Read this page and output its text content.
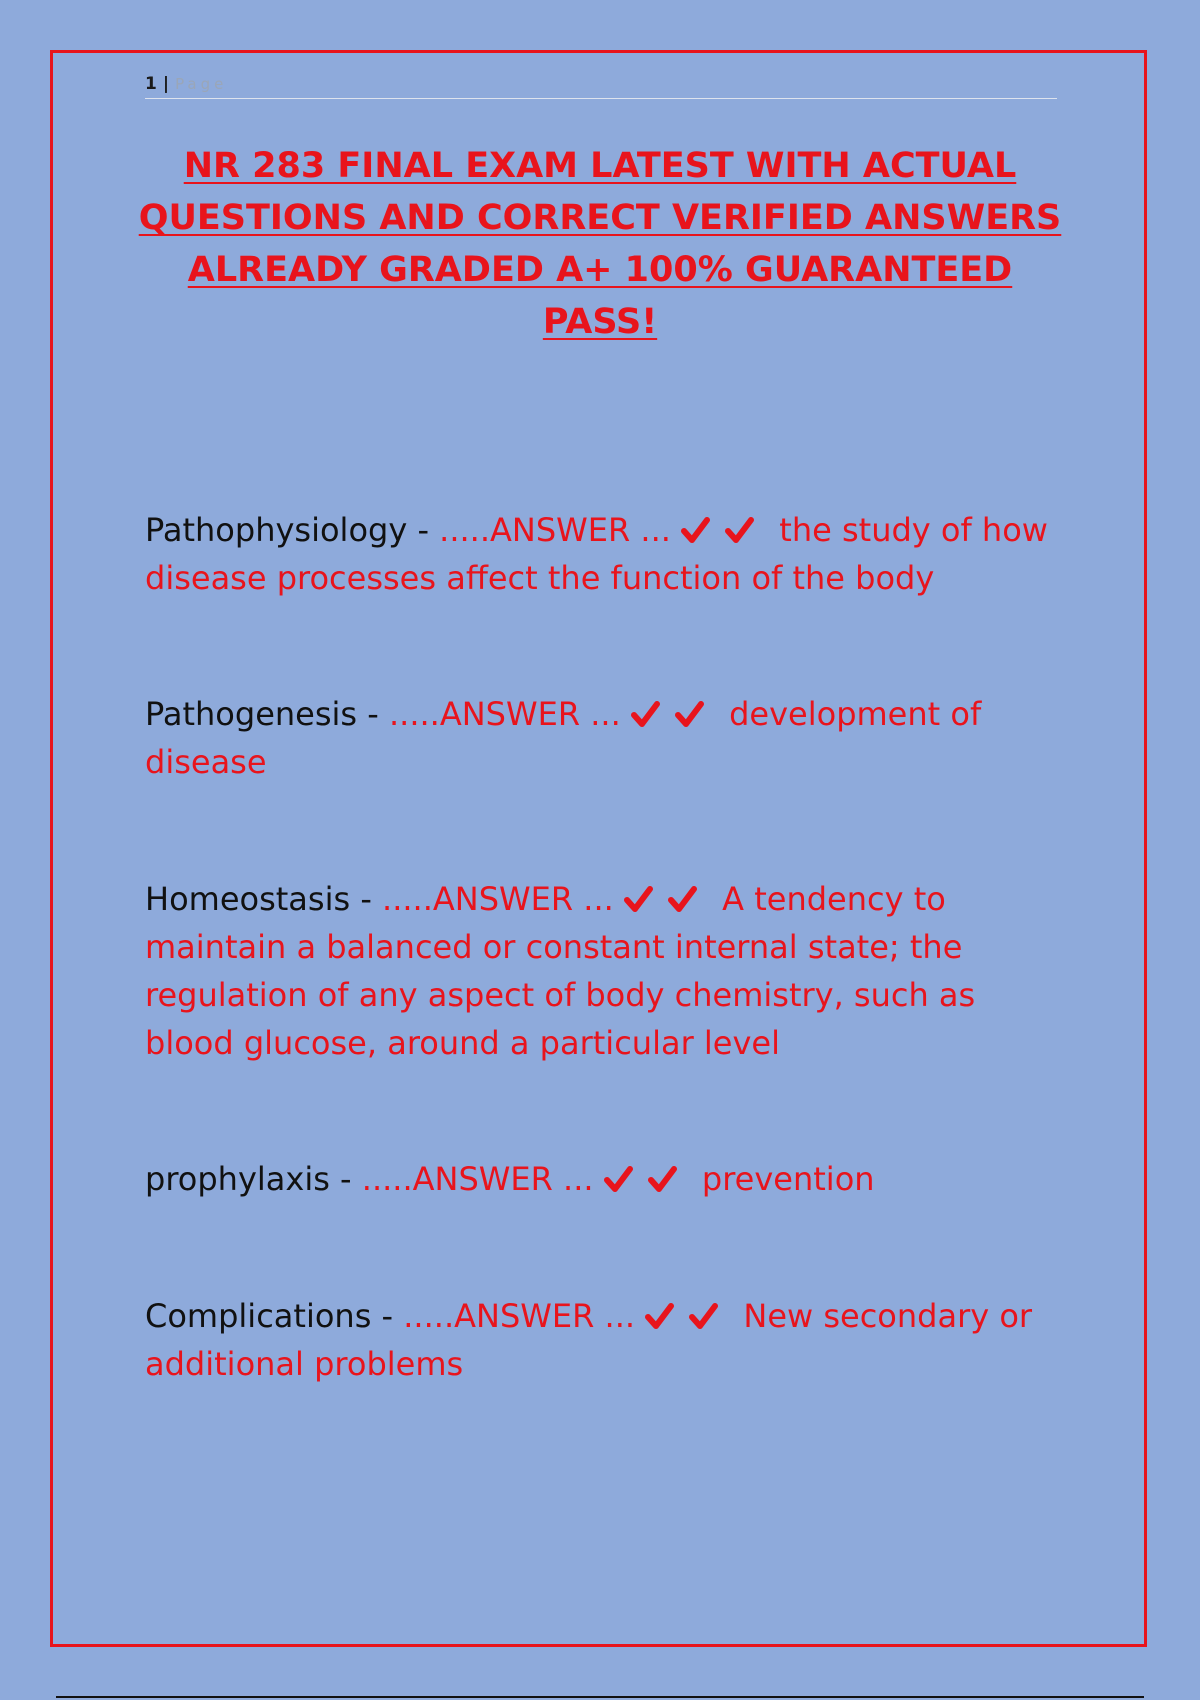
1 | Page
NR 283 FINAL EXAM LATEST WITH ACTUAL QUESTIONS AND CORRECT VERIFIED ANSWERS ALREADY GRADED A+ 100% GUARANTEED PASS!

Pathophysiology - .....ANSWER ...	the study of how disease processes affect the function of the body

Pathogenesis - .....ANSWER ...	development of disease

Homeostasis - .....ANSWER ...	A tendency to maintain a balanced or constant internal state; the regulation of any aspect of body chemistry, such as blood glucose, around a particular level

prophylaxis - .....ANSWER ...	prevention

Complications - .....ANSWER ...	New secondary or additional problems
